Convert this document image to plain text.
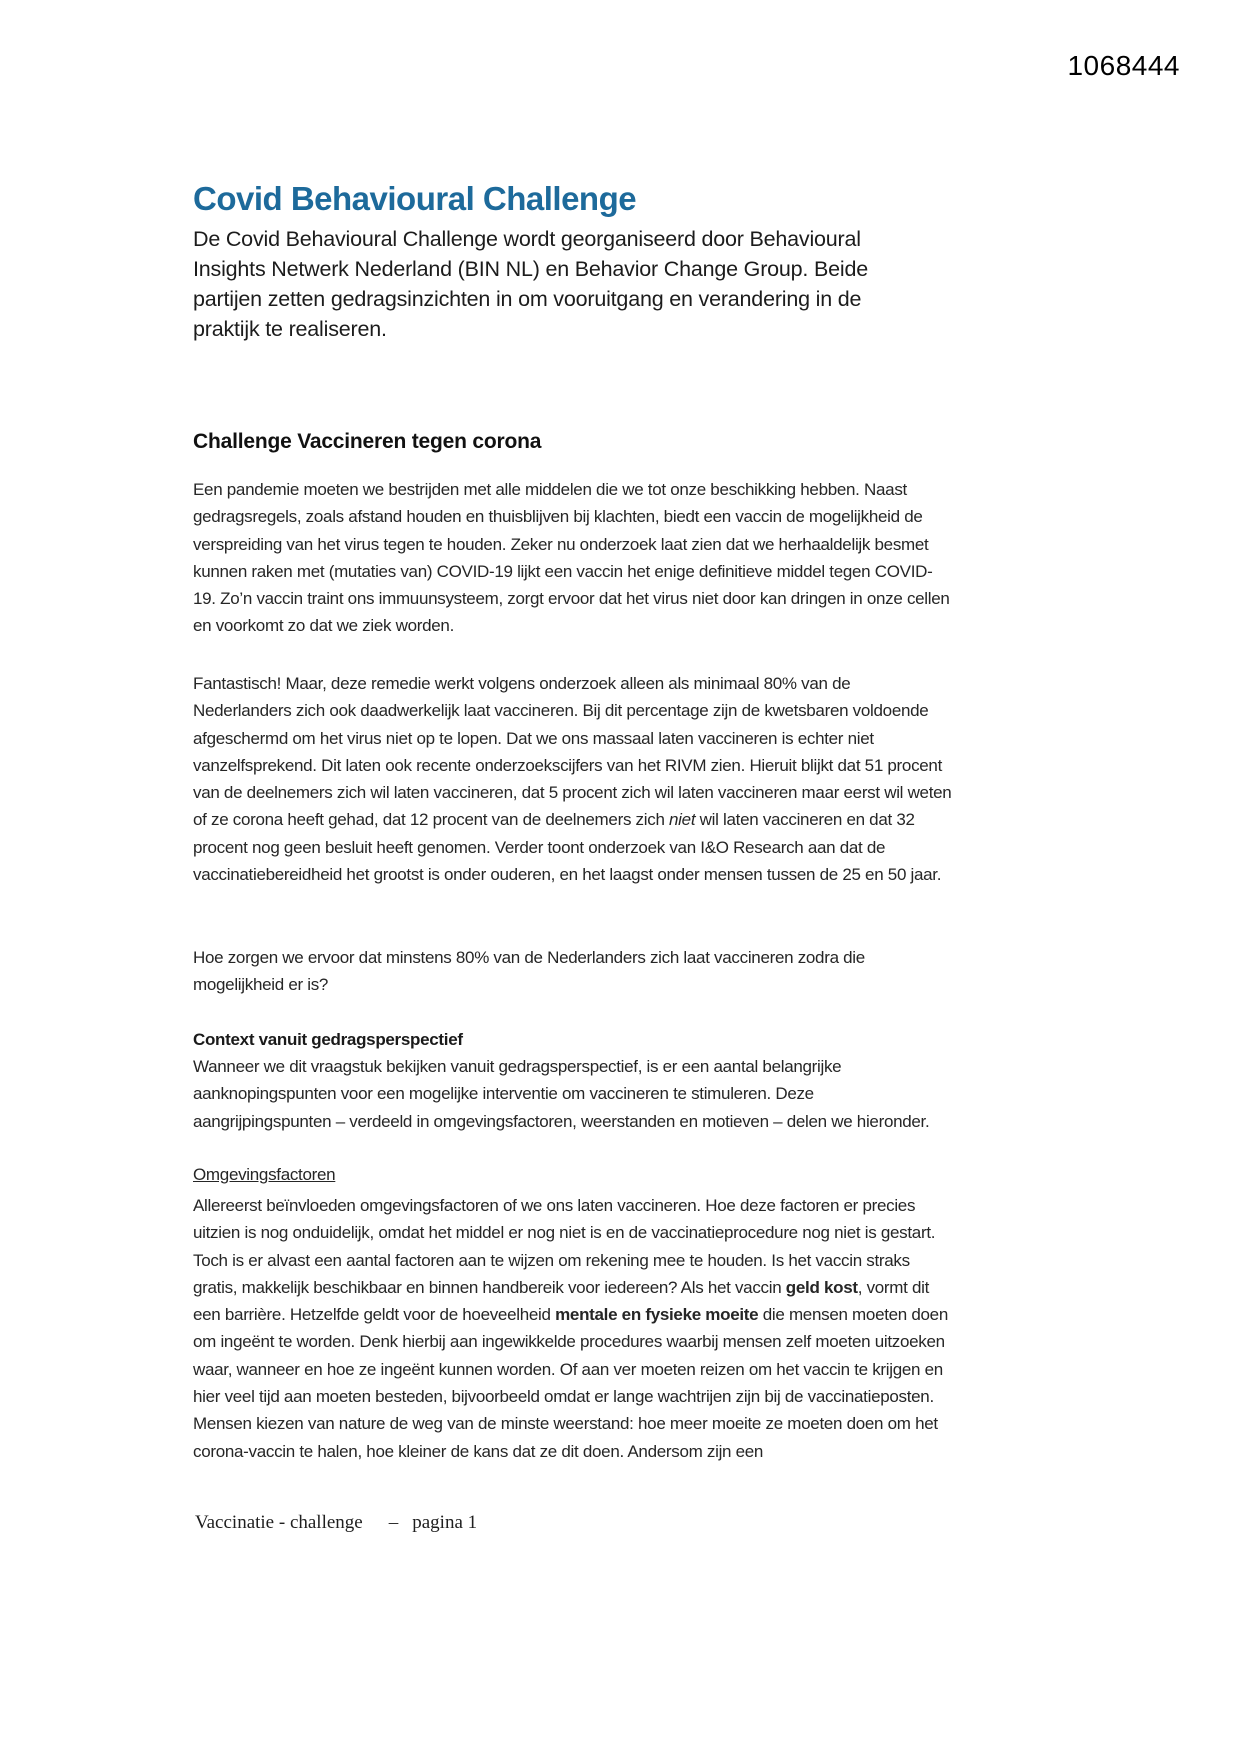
1068444
Covid Behavioural Challenge

De Covid Behavioural Challenge wordt georganiseerd door Behavioural Insights Netwerk Nederland (BIN NL) en Behavior Change Group. Beide partijen zetten gedragsinzichten in om vooruitgang en verandering in de praktijk te realiseren.

Challenge Vaccineren tegen corona

Een pandemie moeten we bestrijden met alle middelen die we tot onze beschikking hebben. Naast gedragsregels, zoals afstand houden en thuisblijven bij klachten, biedt een vaccin de mogelijkheid de verspreiding van het virus tegen te houden. Zeker nu onderzoek laat zien dat we herhaaldelijk besmet kunnen raken met (mutaties van) COVID-19 lijkt een vaccin het enige definitieve middel tegen COVID-19. Zo’n vaccin traint ons immuunsysteem, zorgt ervoor dat het virus niet door kan dringen in onze cellen en voorkomt zo dat we ziek worden.

Fantastisch! Maar, deze remedie werkt volgens onderzoek alleen als minimaal 80% van de Nederlanders zich ook daadwerkelijk laat vaccineren. Bij dit percentage zijn de kwetsbaren voldoende afgeschermd om het virus niet op te lopen. Dat we ons massaal laten vaccineren is echter niet vanzelfsprekend. Dit laten ook recente onderzoekscijfers van het RIVM zien. Hieruit blijkt dat 51 procent van de deelnemers zich wil laten vaccineren, dat 5 procent zich wil laten vaccineren maar eerst wil weten of ze corona heeft gehad, dat 12 procent van de deelnemers zich niet wil laten vaccineren en dat 32 procent nog geen besluit heeft genomen. Verder toont onderzoek van I&O Research aan dat de vaccinatiebereidheid het grootst is onder ouderen, en het laagst onder mensen tussen de 25 en 50 jaar.

Hoe zorgen we ervoor dat minstens 80% van de Nederlanders zich laat vaccineren zodra die mogelijkheid er is?

Context vanuit gedragsperspectief

Wanneer we dit vraagstuk bekijken vanuit gedragsperspectief, is er een aantal belangrijke aanknopingspunten voor een mogelijke interventie om vaccineren te stimuleren. Deze aangrijpingspunten – verdeeld in omgevingsfactoren, weerstanden en motieven – delen we hieronder.

Omgevingsfactoren

Allereerst beïnvloeden omgevingsfactoren of we ons laten vaccineren. Hoe deze factoren er precies uitzien is nog onduidelijk, omdat het middel er nog niet is en de vaccinatieprocedure nog niet is gestart. Toch is er alvast een aantal factoren aan te wijzen om rekening mee te houden. Is het vaccin straks gratis, makkelijk beschikbaar en binnen handbereik voor iedereen? Als het vaccin geld kost, vormt dit een barrière. Hetzelfde geldt voor de hoeveelheid mentale en fysieke moeite die mensen moeten doen om ingeënt te worden. Denk hierbij aan ingewikkelde procedures waarbij mensen zelf moeten uitzoeken waar, wanneer en hoe ze ingeënt kunnen worden. Of aan ver moeten reizen om het vaccin te krijgen en hier veel tijd aan moeten besteden, bijvoorbeeld omdat er lange wachtrijen zijn bij de vaccinatieposten. Mensen kiezen van nature de weg van de minste weerstand: hoe meer moeite ze moeten doen om het corona-vaccin te halen, hoe kleiner de kans dat ze dit doen. Andersom zijn een

Vaccinatie - challenge – pagina 1
